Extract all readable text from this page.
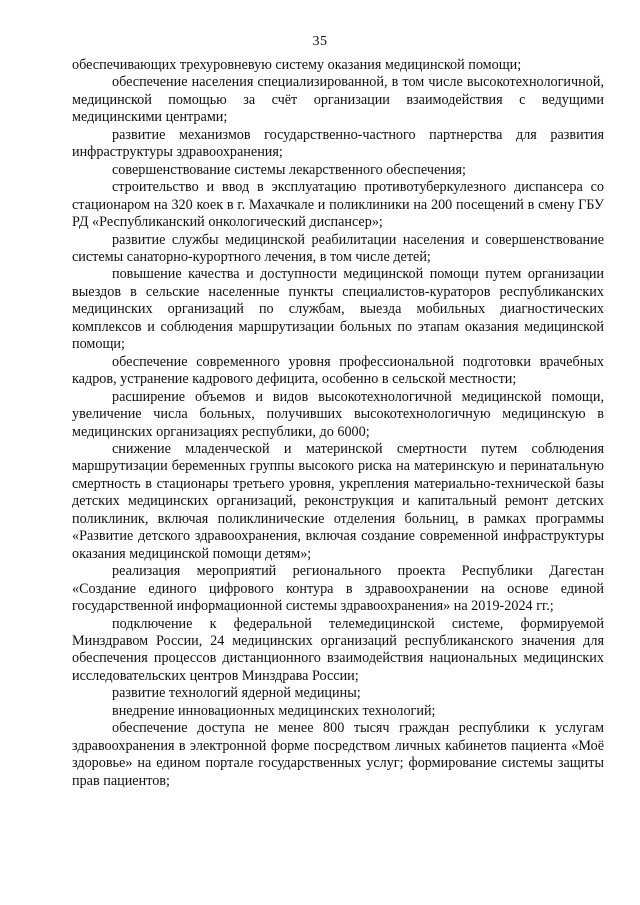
35

обеспечивающих трехуровневую систему оказания медицинской помощи;

обеспечение населения специализированной, в том числе высокотехнологичной, медицинской помощью за счёт организации взаимодействия с ведущими медицинскими центрами;

развитие механизмов государственно-частного партнерства для развития инфраструктуры здравоохранения;

совершенствование системы лекарственного обеспечения;

строительство и ввод в эксплуатацию противотуберкулезного диспансера со стационаром на 320 коек в г. Махачкале и поликлиники на 200 посещений в смену ГБУ РД «Республиканский онкологический диспансер»;

развитие службы медицинской реабилитации населения и совершенствование системы санаторно-курортного лечения, в том числе детей;

повышение качества и доступности медицинской помощи путем организации выездов в сельские населенные пункты специалистов-кураторов республиканских медицинских организаций по службам, выезда мобильных диагностических комплексов и соблюдения маршрутизации больных по этапам оказания медицинской помощи;

обеспечение современного уровня профессиональной подготовки врачебных кадров, устранение кадрового дефицита, особенно в сельской местности;

расширение объемов и видов высокотехнологичной медицинской помощи, увеличение числа больных, получивших высокотехнологичную медицинскую в медицинских организациях республики, до 6000;

снижение младенческой и материнской смертности путем соблюдения маршрутизации беременных группы высокого риска на материнскую и перинатальную смертность в стационары третьего уровня, укрепления материально-технической базы детских медицинских организаций, реконструкция и капитальный ремонт детских поликлиник, включая поликлинические отделения больниц, в рамках программы «Развитие детского здравоохранения, включая создание современной инфраструктуры оказания медицинской помощи детям»;

реализация мероприятий регионального проекта Республики Дагестан «Создание единого цифрового контура в здравоохранении на основе единой государственной информационной системы здравоохранения» на 2019-2024 гг.;

подключение к федеральной телемедицинской системе, формируемой Минздравом России, 24 медицинских организаций республиканского значения для обеспечения процессов дистанционного взаимодействия национальных медицинских исследовательских центров Минздрава России;

развитие технологий ядерной медицины;

внедрение инновационных медицинских технологий;

обеспечение доступа не менее 800 тысяч граждан республики к услугам здравоохранения в электронной форме посредством личных кабинетов пациента «Моё здоровье» на едином портале государственных услуг; формирование системы защиты прав пациентов;
